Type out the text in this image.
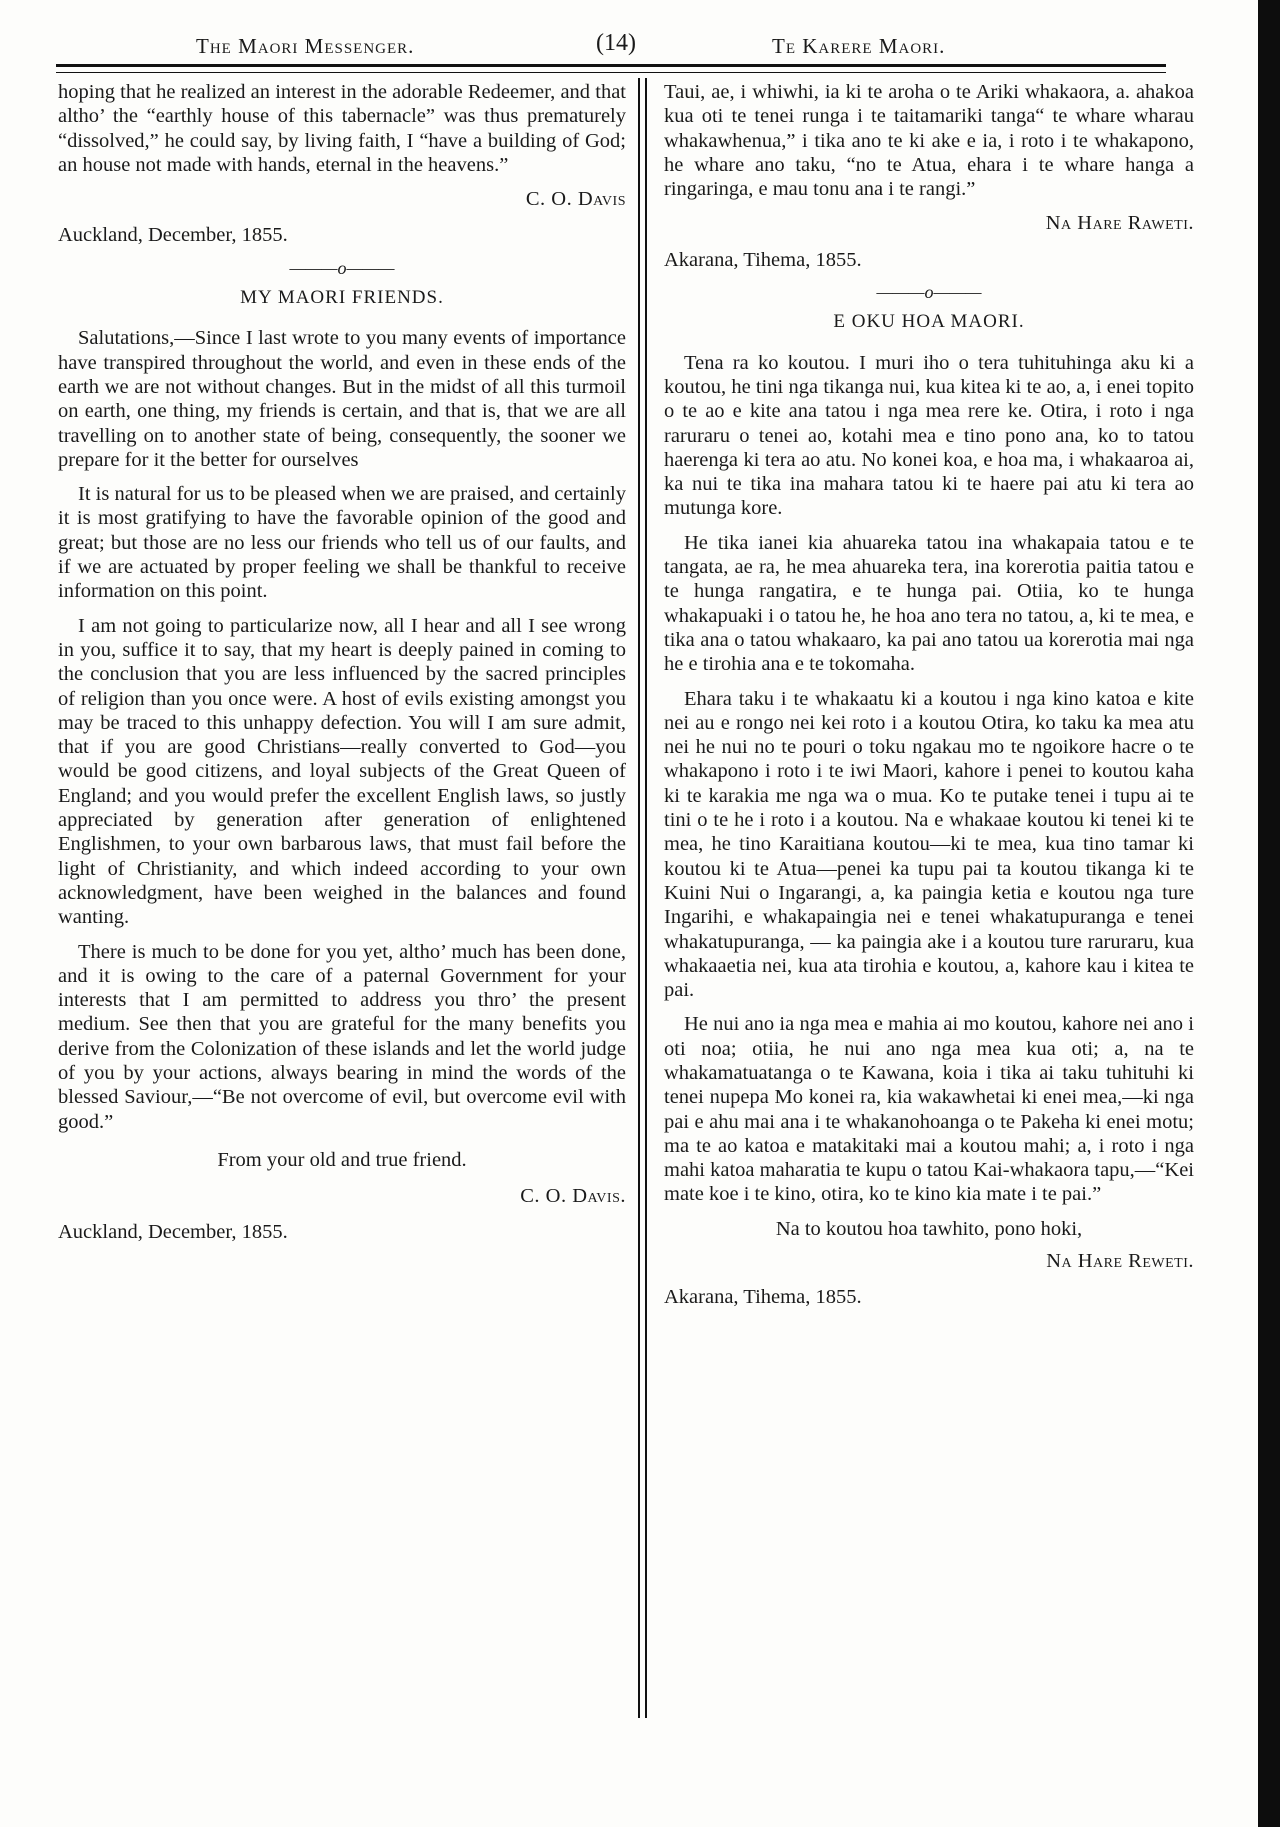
The Maori Messenger.	(14)	Te Karere Maori.

hoping that he realized an interest in the adorable Redeemer, and that altho’ the “earthly house of this tabernacle” was thus prematurely “dissolved,” he could say, by living faith, I “have a building of God; an house not made with hands, eternal in the heavens.”

C. O. Davis
Auckland, December, 1855.
———o———
MY MAORI FRIENDS.

Salutations,—Since I last wrote to you many events of importance have transpired throughout the world, and even in these ends of the earth we are not without changes. But in the midst of all this turmoil on earth, one thing, my friends is certain, and that is, that we are all travelling on to another state of being, consequently, the sooner we prepare for it the better for ourselves

It is natural for us to be pleased when we are praised, and certainly it is most gratifying to have the favorable opinion of the good and great; but those are no less our friends who tell us of our faults, and if we are actuated by proper feeling we shall be thankful to receive information on this point.

I am not going to particularize now, all I hear and all I see wrong in you, suffice it to say, that my heart is deeply pained in coming to the conclusion that you are less influenced by the sacred principles of religion than you once were. A host of evils existing amongst you may be traced to this unhappy defection. You will I am sure admit, that if you are good Christians—really converted to God—you would be good citizens, and loyal subjects of the Great Queen of England; and you would prefer the excellent English laws, so justly appreciated by generation after generation of enlightened Englishmen, to your own barbarous laws, that must fail before the light of Christianity, and which indeed according to your own acknowledgment, have been weighed in the balances and found wanting.

There is much to be done for you yet, altho’ much has been done, and it is owing to the care of a paternal Government for your interests that I am permitted to address you thro’ the present medium. See then that you are grateful for the many benefits you derive from the Colonization of these islands and let the world judge of you by your actions, always bearing in mind the words of the blessed Saviour,—“Be not overcome of evil, but overcome evil with good.”

From your old and true friend.
C. O. Davis.
Auckland, December, 1855.

Taui, ae, i whiwhi, ia ki te aroha o te Ariki whakaora, a. ahakoa kua oti te tenei runga i te taitamariki tanga“ te whare wharau whakawhenua,” i tika ano te ki ake e ia, i roto i te whakapono, he whare ano taku, “no te Atua, ehara i te whare hanga a ringaringa, e mau tonu ana i te rangi.”

Na Hare Raweti.
Akarana, Tihema, 1855.
———o———
E OKU HOA MAORI.

Tena ra ko koutou. I muri iho o tera tuhituhinga aku ki a koutou, he tini nga tikanga nui, kua kitea ki te ao, a, i enei topito o te ao e kite ana tatou i nga mea rere ke. Otira, i roto i nga raruraru o tenei ao, kotahi mea e tino pono ana, ko to tatou haerenga ki tera ao atu. No konei koa, e hoa ma, i whakaaroa ai, ka nui te tika ina mahara tatou ki te haere pai atu ki tera ao mutunga kore.

He tika ianei kia ahuareka tatou ina whakapaia tatou e te tangata, ae ra, he mea ahuareka tera, ina korerotia paitia tatou e te hunga rangatira, e te hunga pai. Otiia, ko te hunga whakapuaki i o tatou he, he hoa ano tera no tatou, a, ki te mea, e tika ana o tatou whakaaro, ka pai ano tatou ua korerotia mai nga he e tirohia ana e te tokomaha.

Ehara taku i te whakaatu ki a koutou i nga kino katoa e kite nei au e rongo nei kei roto i a koutou Otira, ko taku ka mea atu nei he nui no te pouri o toku ngakau mo te ngoikore hacre o te whakapono i roto i te iwi Maori, kahore i penei to koutou kaha ki te karakia me nga wa o mua. Ko te putake tenei i tupu ai te tini o te he i roto i a koutou. Na e whakaae koutou ki tenei ki te mea, he tino Karaitiana koutou—ki te mea, kua tino tamar ki koutou ki te Atua—penei ka tupu pai ta koutou tikanga ki te Kuini Nui o Ingarangi, a, ka paingia ketia e koutou nga ture Ingarihi, e whakapaingia nei e tenei whakatupuranga e tenei whakatupuranga, — ka paingia ake i a koutou ture raruraru, kua whakaaetia nei, kua ata tirohia e koutou, a, kahore kau i kitea te pai.

He nui ano ia nga mea e mahia ai mo koutou, kahore nei ano i oti noa; otiia, he nui ano nga mea kua oti; a, na te whakamatuatanga o te Kawana, koia i tika ai taku tuhituhi ki tenei nupepa Mo konei ra, kia wakawhetai ki enei mea,—ki nga pai e ahu mai ana i te whakanohoanga o te Pakeha ki enei motu; ma te ao katoa e matakitaki mai a koutou mahi; a, i roto i nga mahi katoa maharatia te kupu o tatou Kai-whakaora tapu,—“Kei mate koe i te kino, otira, ko te kino kia mate i te pai.”

Na to koutou hoa tawhito, pono hoki,
Na Hare Reweti.
Akarana, Tihema, 1855.
